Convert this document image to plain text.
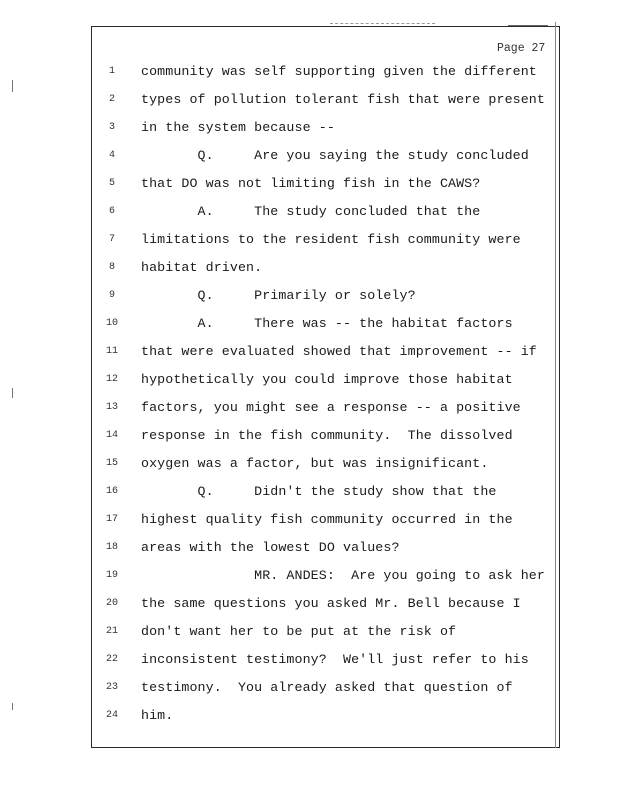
Page 27
1	community was self supporting given the different
2	types of pollution tolerant fish that were present
3	in the system because --
4	Q.     Are you saying the study concluded
5	that DO was not limiting fish in the CAWS?
6	A.     The study concluded that the
7	limitations to the resident fish community were
8	habitat driven.
9	Q.     Primarily or solely?
10	A.     There was -- the habitat factors
11	that were evaluated showed that improvement -- if
12	hypothetically you could improve those habitat
13	factors, you might see a response -- a positive
14	response in the fish community.  The dissolved
15	oxygen was a factor, but was insignificant.
16	Q.     Didn't the study show that the
17	highest quality fish community occurred in the
18	areas with the lowest DO values?
19	MR. ANDES:  Are you going to ask her
20	the same questions you asked Mr. Bell because I
21	don't want her to be put at the risk of
22	inconsistent testimony?  We'll just refer to his
23	testimony.  You already asked that question of
24	him.
